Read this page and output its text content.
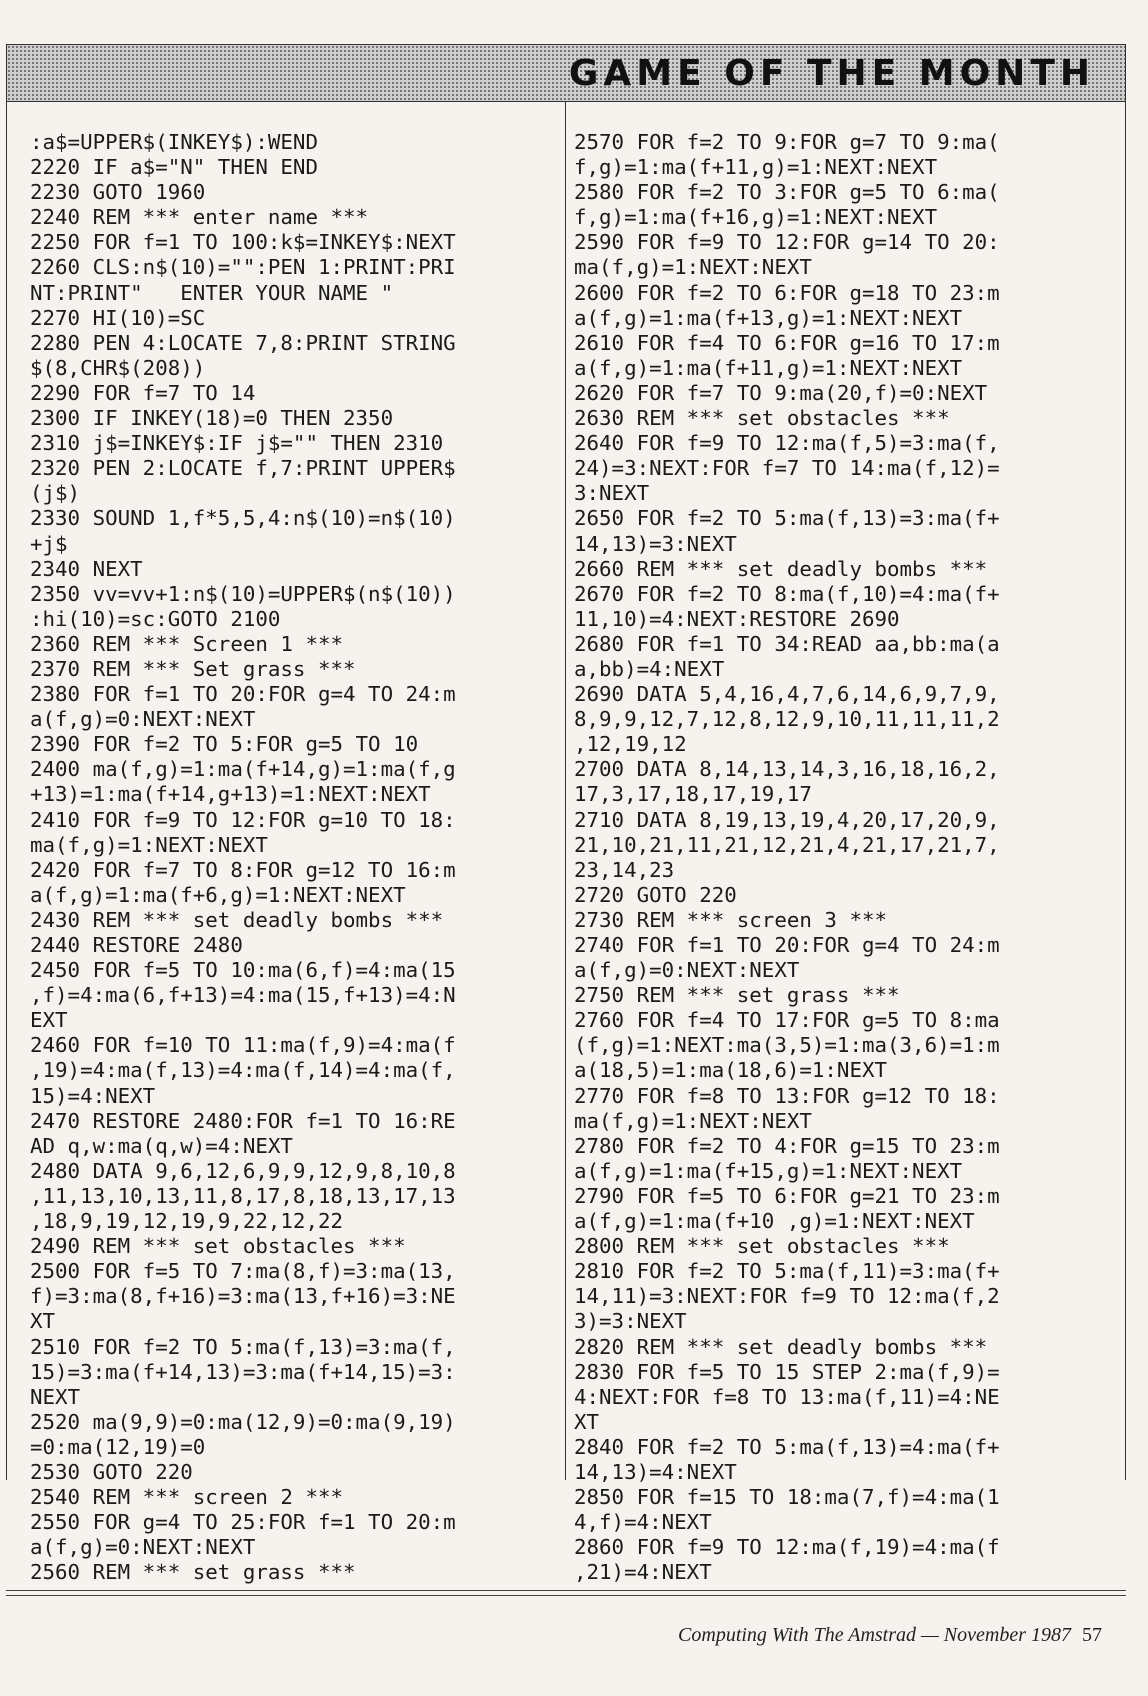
GAME OF THE MONTH
:a$=UPPER$(INKEY$):WEND
2220 IF a$="N" THEN END
2230 GOTO 1960
2240 REM *** enter name ***
2250 FOR f=1 TO 100:k$=INKEY$:NEXT
2260 CLS:n$(10)="":PEN 1:PRINT:PRI
NT:PRINT"   ENTER YOUR NAME "
2270 HI(10)=SC
2280 PEN 4:LOCATE 7,8:PRINT STRING
$(8,CHR$(208))
2290 FOR f=7 TO 14
2300 IF INKEY(18)=0 THEN 2350
2310 j$=INKEY$:IF j$="" THEN 2310
2320 PEN 2:LOCATE f,7:PRINT UPPER$
(j$)
2330 SOUND 1,f*5,5,4:n$(10)=n$(10)
+j$
2340 NEXT
2350 vv=vv+1:n$(10)=UPPER$(n$(10))
:hi(10)=sc:GOTO 2100
2360 REM *** Screen 1 ***
2370 REM *** Set grass ***
2380 FOR f=1 TO 20:FOR g=4 TO 24:m
a(f,g)=0:NEXT:NEXT
2390 FOR f=2 TO 5:FOR g=5 TO 10
2400 ma(f,g)=1:ma(f+14,g)=1:ma(f,g
+13)=1:ma(f+14,g+13)=1:NEXT:NEXT
2410 FOR f=9 TO 12:FOR g=10 TO 18:
ma(f,g)=1:NEXT:NEXT
2420 FOR f=7 TO 8:FOR g=12 TO 16:m
a(f,g)=1:ma(f+6,g)=1:NEXT:NEXT
2430 REM *** set deadly bombs ***
2440 RESTORE 2480
2450 FOR f=5 TO 10:ma(6,f)=4:ma(15
,f)=4:ma(6,f+13)=4:ma(15,f+13)=4:N
EXT
2460 FOR f=10 TO 11:ma(f,9)=4:ma(f
,19)=4:ma(f,13)=4:ma(f,14)=4:ma(f,
15)=4:NEXT
2470 RESTORE 2480:FOR f=1 TO 16:RE
AD q,w:ma(q,w)=4:NEXT
2480 DATA 9,6,12,6,9,9,12,9,8,10,8
,11,13,10,13,11,8,17,8,18,13,17,13
,18,9,19,12,19,9,22,12,22
2490 REM *** set obstacles ***
2500 FOR f=5 TO 7:ma(8,f)=3:ma(13,
f)=3:ma(8,f+16)=3:ma(13,f+16)=3:NE
XT
2510 FOR f=2 TO 5:ma(f,13)=3:ma(f,
15)=3:ma(f+14,13)=3:ma(f+14,15)=3:
NEXT
2520 ma(9,9)=0:ma(12,9)=0:ma(9,19)
=0:ma(12,19)=0
2530 GOTO 220
2540 REM *** screen 2 ***
2550 FOR g=4 TO 25:FOR f=1 TO 20:m
a(f,g)=0:NEXT:NEXT
2560 REM *** set grass ***
2570 FOR f=2 TO 9:FOR g=7 TO 9:ma(
f,g)=1:ma(f+11,g)=1:NEXT:NEXT
2580 FOR f=2 TO 3:FOR g=5 TO 6:ma(
f,g)=1:ma(f+16,g)=1:NEXT:NEXT
2590 FOR f=9 TO 12:FOR g=14 TO 20:
ma(f,g)=1:NEXT:NEXT
2600 FOR f=2 TO 6:FOR g=18 TO 23:m
a(f,g)=1:ma(f+13,g)=1:NEXT:NEXT
2610 FOR f=4 TO 6:FOR g=16 TO 17:m
a(f,g)=1:ma(f+11,g)=1:NEXT:NEXT
2620 FOR f=7 TO 9:ma(20,f)=0:NEXT
2630 REM *** set obstacles ***
2640 FOR f=9 TO 12:ma(f,5)=3:ma(f,
24)=3:NEXT:FOR f=7 TO 14:ma(f,12)=
3:NEXT
2650 FOR f=2 TO 5:ma(f,13)=3:ma(f+
14,13)=3:NEXT
2660 REM *** set deadly bombs ***
2670 FOR f=2 TO 8:ma(f,10)=4:ma(f+
11,10)=4:NEXT:RESTORE 2690
2680 FOR f=1 TO 34:READ aa,bb:ma(a
a,bb)=4:NEXT
2690 DATA 5,4,16,4,7,6,14,6,9,7,9,
8,9,9,12,7,12,8,12,9,10,11,11,11,2
,12,19,12
2700 DATA 8,14,13,14,3,16,18,16,2,
17,3,17,18,17,19,17
2710 DATA 8,19,13,19,4,20,17,20,9,
21,10,21,11,21,12,21,4,21,17,21,7,
23,14,23
2720 GOTO 220
2730 REM *** screen 3 ***
2740 FOR f=1 TO 20:FOR g=4 TO 24:m
a(f,g)=0:NEXT:NEXT
2750 REM *** set grass ***
2760 FOR f=4 TO 17:FOR g=5 TO 8:ma
(f,g)=1:NEXT:ma(3,5)=1:ma(3,6)=1:m
a(18,5)=1:ma(18,6)=1:NEXT
2770 FOR f=8 TO 13:FOR g=12 TO 18:
ma(f,g)=1:NEXT:NEXT
2780 FOR f=2 TO 4:FOR g=15 TO 23:m
a(f,g)=1:ma(f+15,g)=1:NEXT:NEXT
2790 FOR f=5 TO 6:FOR g=21 TO 23:m
a(f,g)=1:ma(f+10 ,g)=1:NEXT:NEXT
2800 REM *** set obstacles ***
2810 FOR f=2 TO 5:ma(f,11)=3:ma(f+
14,11)=3:NEXT:FOR f=9 TO 12:ma(f,2
3)=3:NEXT
2820 REM *** set deadly bombs ***
2830 FOR f=5 TO 15 STEP 2:ma(f,9)=
4:NEXT:FOR f=8 TO 13:ma(f,11)=4:NE
XT
2840 FOR f=2 TO 5:ma(f,13)=4:ma(f+
14,13)=4:NEXT
2850 FOR f=15 TO 18:ma(7,f)=4:ma(1
4,f)=4:NEXT
2860 FOR f=9 TO 12:ma(f,19)=4:ma(f
,21)=4:NEXT
Computing With The Amstrad — November 1987 57
